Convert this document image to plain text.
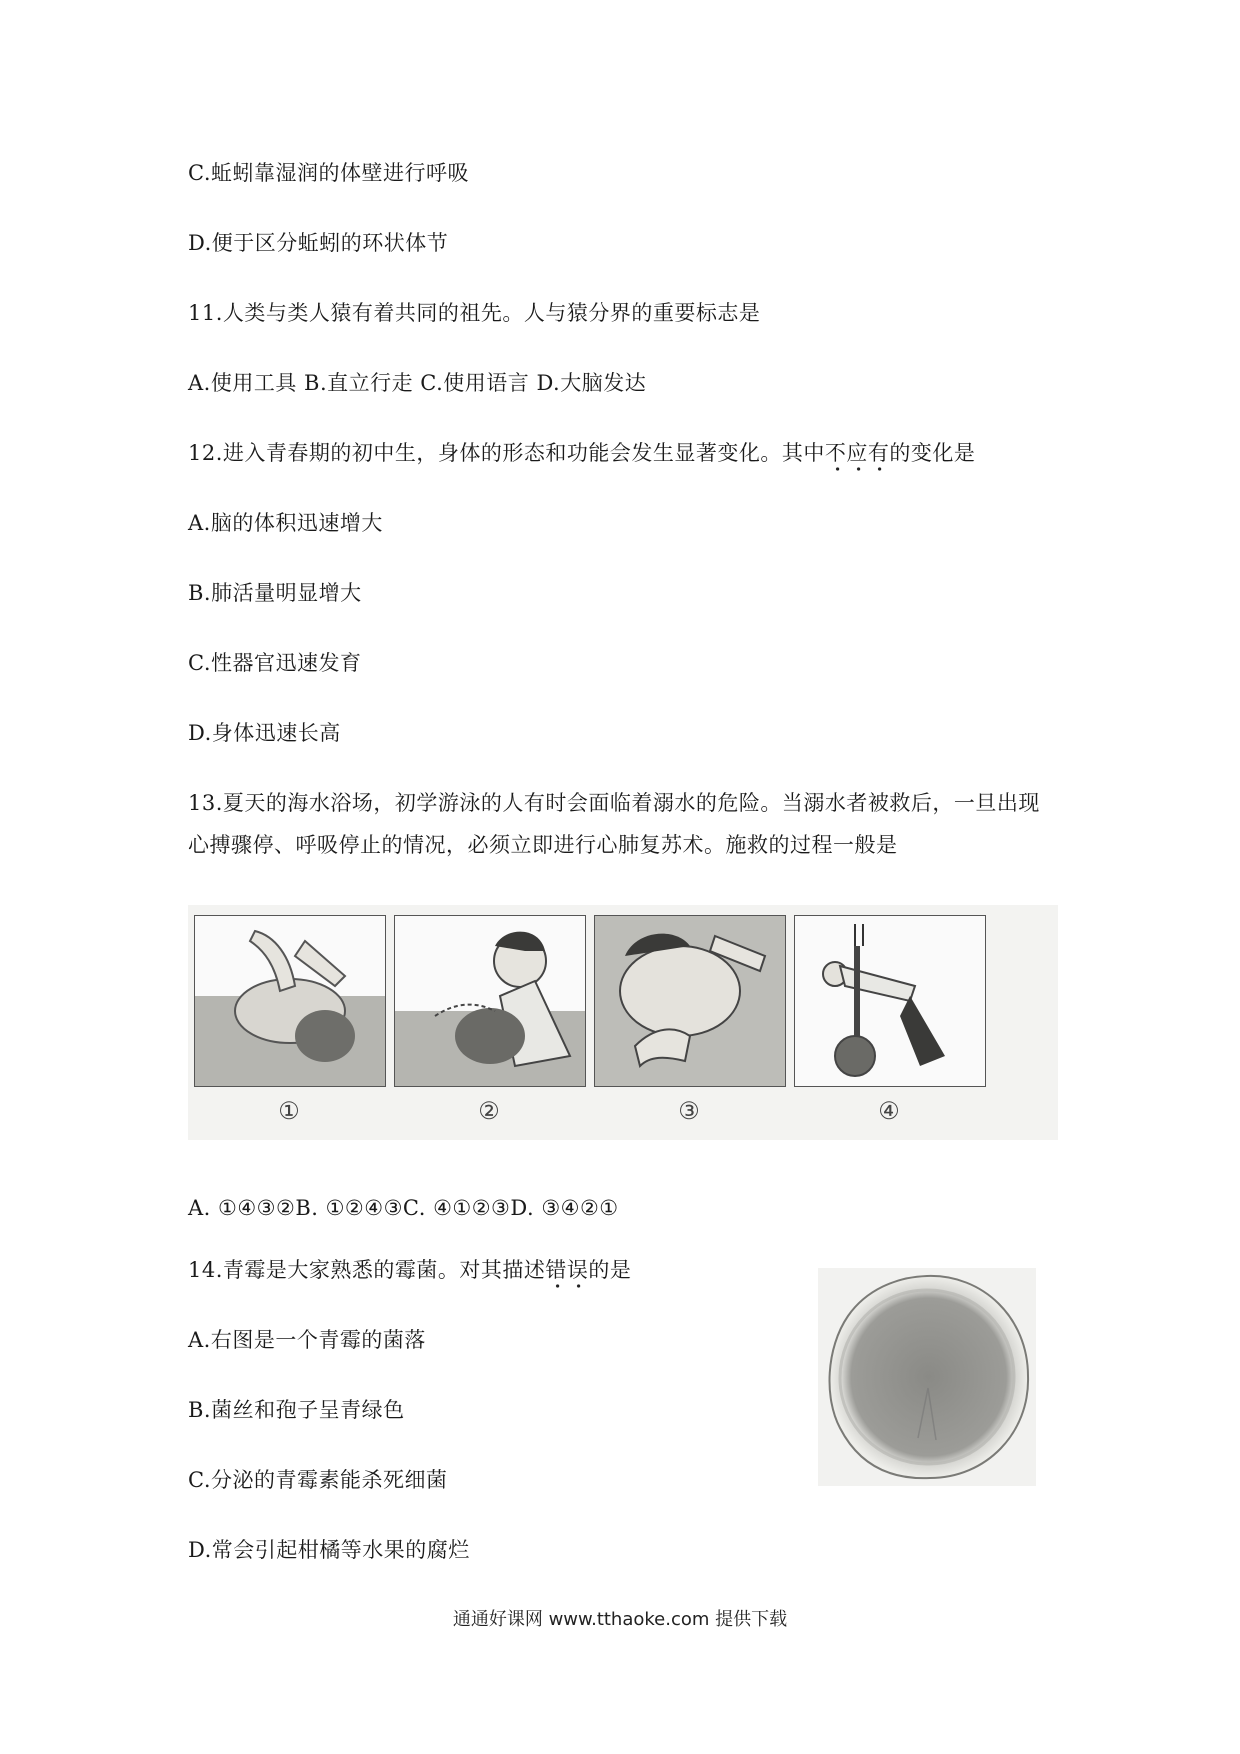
C.蚯蚓靠湿润的体壁进行呼吸
D.便于区分蚯蚓的环状体节
11.人类与类人猿有着共同的祖先。人与猿分界的重要标志是
A.使用工具 B.直立行走 C.使用语言 D.大脑发达
12.进入青春期的初中生，身体的形态和功能会发生显著变化。其中不应有的变化是
A.脑的体积迅速增大
B.肺活量明显增大
C.性器官迅速发育
D.身体迅速长高
13.夏天的海水浴场，初学游泳的人有时会面临着溺水的危险。当溺水者被救后，一旦出现
心搏骤停、呼吸停止的情况，必须立即进行心肺复苏术。施救的过程一般是
①	②	③	④
A. ①④③②B. ①②④③C. ④①②③D. ③④②①
14.青霉是大家熟悉的霉菌。对其描述错误的是
A.右图是一个青霉的菌落
B.菌丝和孢子呈青绿色
C.分泌的青霉素能杀死细菌
D.常会引起柑橘等水果的腐烂
通通好课网 www.tthaoke.com 提供下载
